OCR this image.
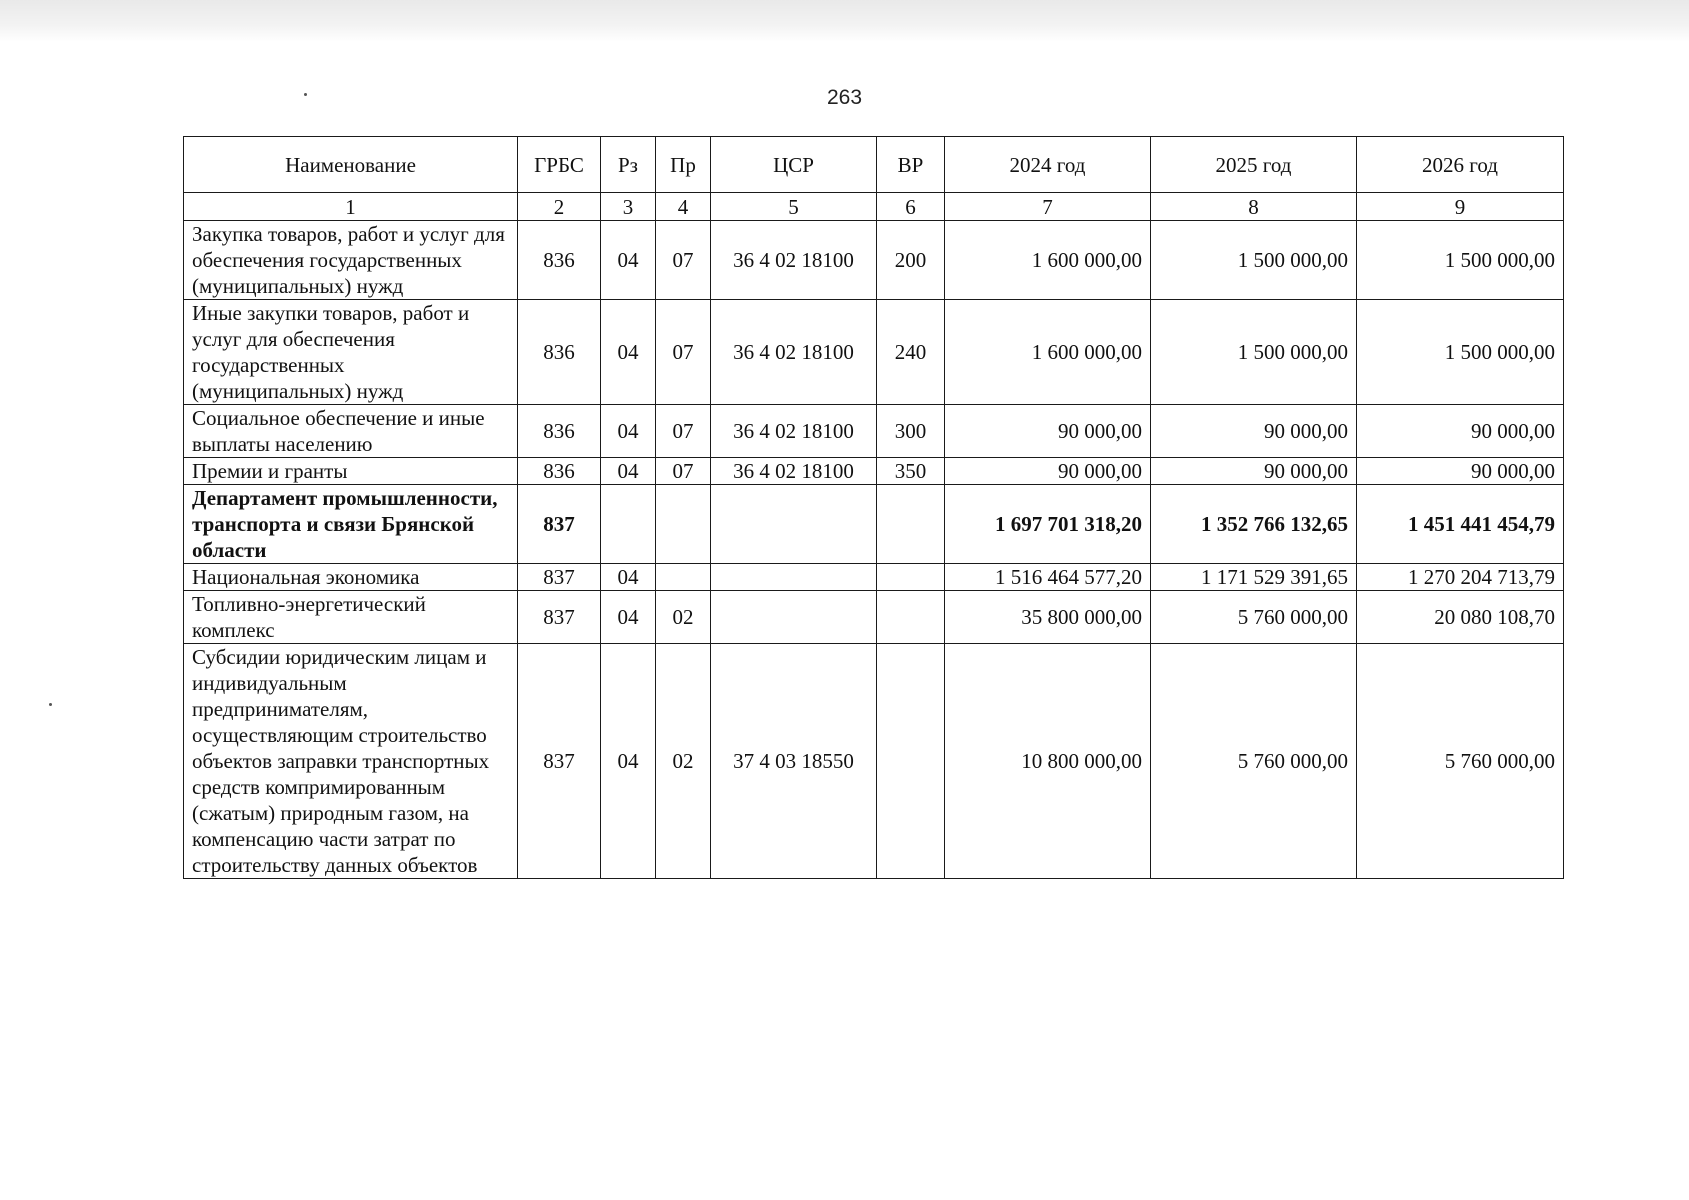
263
Наименование	ГРБС	Рз	Пр	ЦСР	ВР	2024 год	2025 год	2026 год
1	2	3	4	5	6	7	8	9
Закупка товаров, работ и услуг для обеспечения государственных (муниципальных) нужд	836	04	07	36 4 02 18100	200	1 600 000,00	1 500 000,00	1 500 000,00
Иные закупки товаров, работ и услуг для обеспечения государственных (муниципальных) нужд	836	04	07	36 4 02 18100	240	1 600 000,00	1 500 000,00	1 500 000,00
Социальное обеспечение и иные выплаты населению	836	04	07	36 4 02 18100	300	90 000,00	90 000,00	90 000,00
Премии и гранты	836	04	07	36 4 02 18100	350	90 000,00	90 000,00	90 000,00
Департамент промышленности, транспорта и связи Брянской области	837					1 697 701 318,20	1 352 766 132,65	1 451 441 454,79
Национальная экономика	837	04				1 516 464 577,20	1 171 529 391,65	1 270 204 713,79
Топливно-энергетический комплекс	837	04	02			35 800 000,00	5 760 000,00	20 080 108,70
Субсидии юридическим лицам и индивидуальным предпринимателям, осуществляющим строительство объектов заправки транспортных средств компримированным (сжатым) природным газом, на компенсацию части затрат по строительству данных объектов	837	04	02	37 4 03 18550		10 800 000,00	5 760 000,00	5 760 000,00
